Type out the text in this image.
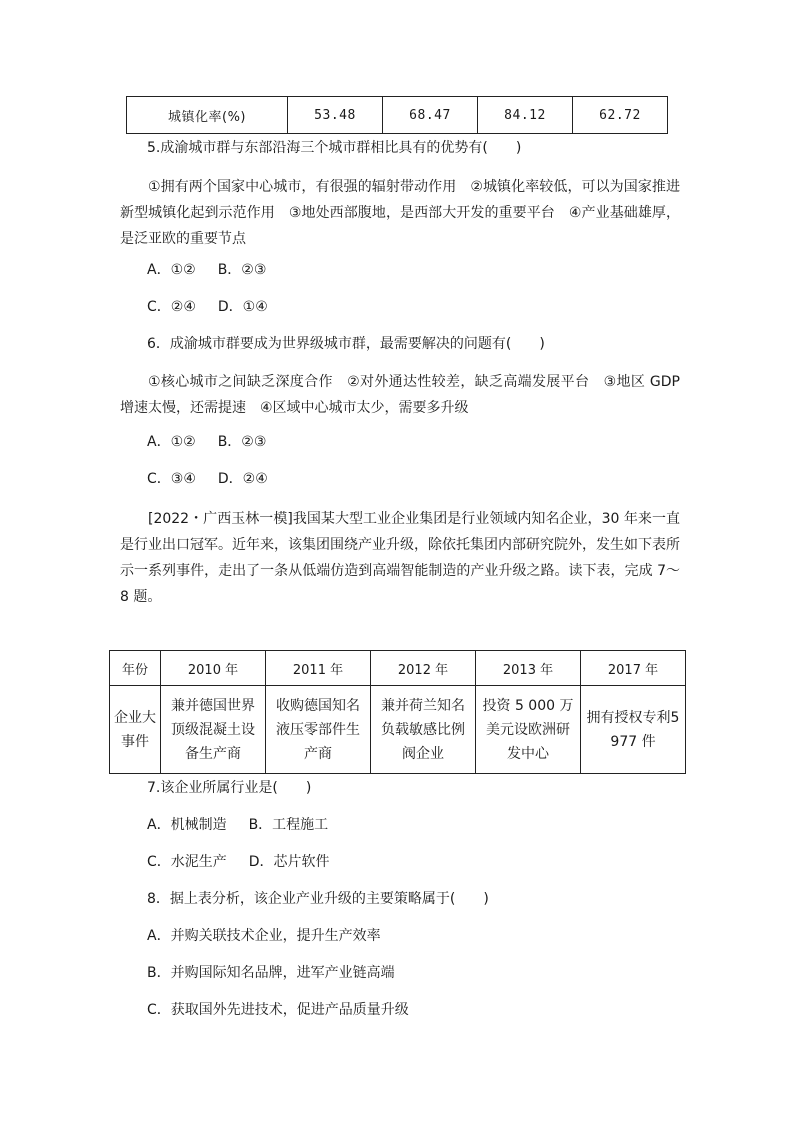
城镇化率(%)	53.48	68.47	84.12	62.72
5.成渝城市群与东部沿海三个城市群相比具有的优势有(　　)
①拥有两个国家中心城市，有很强的辐射带动作用　②城镇化率较低，可以为国家推进新型城镇化起到示范作用　③地处西部腹地，是西部大开发的重要平台　④产业基础雄厚，是泛亚欧的重要节点
A．①② B．②③
C．②④ D．①④
6．成渝城市群要成为世界级城市群，最需要解决的问题有(　　)
①核心城市之间缺乏深度合作　②对外通达性较差，缺乏高端发展平台　③地区 GDP 增速太慢，还需提速　④区域中心城市太少，需要多升级
A．①② B．②③
C．③④ D．②④
[2022・广西玉林一模]我国某大型工业企业集团是行业领域内知名企业，30 年来一直是行业出口冠军。近年来，该集团围绕产业升级，除依托集团内部研究院外，发生如下表所示一系列事件，走出了一条从低端仿造到高端智能制造的产业升级之路。读下表，完成 7～8 题。
年份	2010 年	2011 年	2012 年	2013 年	2017 年
企业大事件	兼并德国世界顶级混凝土设备生产商	收购德国知名液压零部件生产商	兼并荷兰知名负载敏感比例阀企业	投资 5 000 万美元设欧洲研发中心	拥有授权专利5 977 件
7.该企业所属行业是(　　)
A．机械制造 B．工程施工
C．水泥生产 D．芯片软件
8．据上表分析，该企业产业升级的主要策略属于(　　)
A．并购关联技术企业，提升生产效率
B．并购国际知名品牌，进军产业链高端
C．获取国外先进技术，促进产品质量升级
